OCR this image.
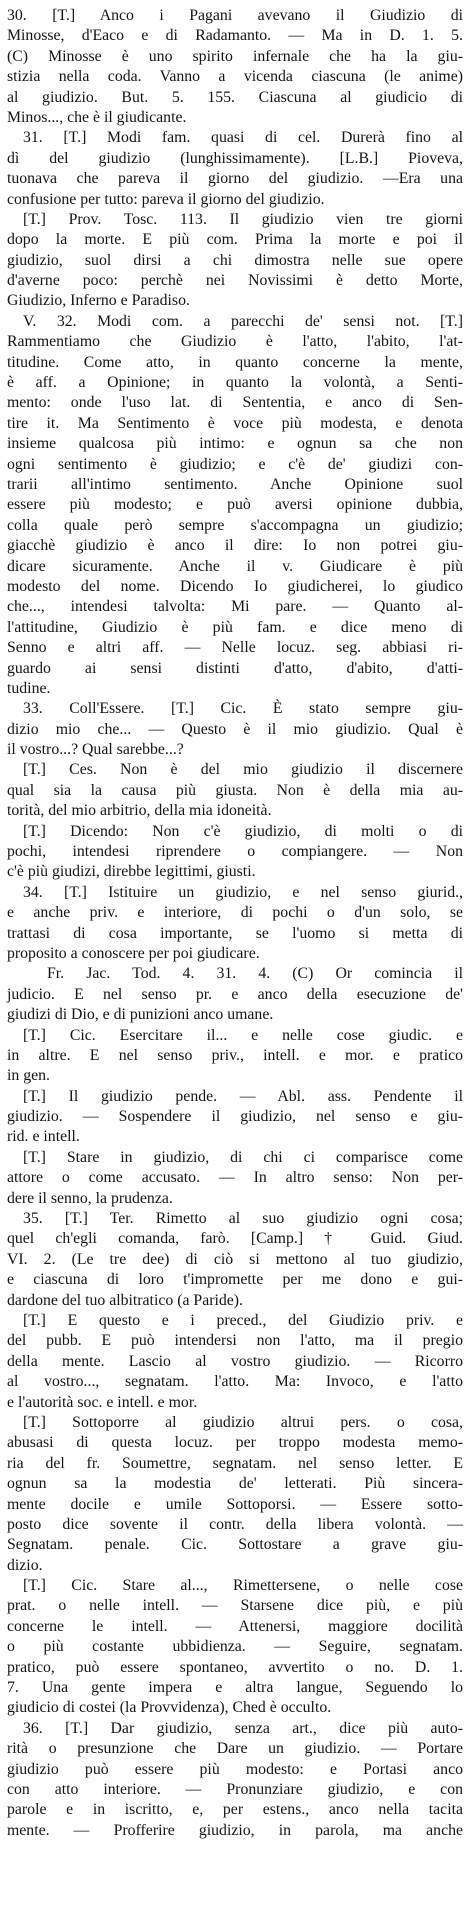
30. [T.] Anco i Pagani avevano il Giudizio di
Minosse, d'Eaco e di Radamanto. — Ma in D. 1. 5.
(C) Minosse è uno spirito infernale che ha la giu-
stizia nella coda. Vanno a vicenda ciascuna (le anime)
al giudizio. But. 5. 155. Ciascuna al giudicio di
Minos..., che è il giudicante.
31. [T.] Modi fam. quasi di cel. Durerà fino al
dì del giudizio (lunghissimamente). [L.B.] Pioveva,
tuonava che pareva il giorno del giudizio. —Era una
confusione per tutto: pareva il giorno del giudizio.
[T.] Prov. Tosc. 113. Il giudizio vien tre giorni
dopo la morte. E più com. Prima la morte e poi il
giudizio, suol dirsi a chi dimostra nelle sue opere
d'averne poco: perchè nei Novissimi è detto Morte,
Giudizio, Inferno e Paradiso.
V. 32. Modi com. a parecchi de' sensi not. [T.]
Rammentiamo che Giudizio è l'atto, l'abito, l'at-
titudine. Come atto, in quanto concerne la mente,
è aff. a Opinione; in quanto la volontà, a Senti-
mento: onde l'uso lat. di Sententia, e anco di Sen-
tire it. Ma Sentimento è voce più modesta, e denota
insieme qualcosa più intimo: e ognun sa che non
ogni sentimento è giudizio; e c'è de' giudizi con-
trarii all'intimo sentimento. Anche Opinione suol
essere più modesto; e può aversi opinione dubbia,
colla quale però sempre s'accompagna un giudizio;
giacchè giudizio è anco il dire: Io non potrei giu-
dicare sicuramente. Anche il v. Giudicare è più
modesto del nome. Dicendo Io giudicherei, lo giudico
che..., intendesi talvolta: Mi pare. — Quanto al-
l'attitudine, Giudizio è più fam. e dice meno di
Senno e altri aff. — Nelle locuz. seg. abbiasi ri-
guardo ai sensi distinti d'atto, d'abito, d'atti-
tudine.
33. Coll'Essere. [T.] Cic. È stato sempre giu-
dizio mio che... — Questo è il mio giudizio. Qual è
il vostro...? Qual sarebbe...?
[T.] Ces. Non è del mio giudizio il discernere
qual sia la causa più giusta. Non è della mia au-
torità, del mio arbitrio, della mia idoneità.
[T.] Dicendo: Non c'è giudizio, di molti o di
pochi, intendesi riprendere o compiangere. — Non
c'è più giudizi, direbbe legittimi, giusti.
34. [T.] Istituire un giudizio, e nel senso giurid.,
e anche priv. e interiore, di pochi o d'un solo, se
trattasi di cosa importante, se l'uomo si metta di
proposito a conoscere per poi giudicare.
Fr. Jac. Tod. 4. 31. 4. (C) Or comincia il
judicio. E nel senso pr. e anco della esecuzione de'
giudizi di Dio, e di punizioni anco umane.
[T.] Cic. Esercitare il... e nelle cose giudic. e
in altre. E nel senso priv., intell. e mor. e pratico
in gen.
[T.] Il giudizio pende. — Abl. ass. Pendente il
giudizio. — Sospendere il giudizio, nel senso e giu-
rid. e intell.
[T.] Stare in giudizio, di chi ci comparisce come
attore o come accusato. — In altro senso: Non per-
dere il senno, la prudenza.
35. [T.] Ter. Rimetto al suo giudizio ogni cosa;
quel ch'egli comanda, farò. [Camp.] † Guid. Giud.
VI. 2. (Le tre dee) di ciò si mettono al tuo giudizio,
e ciascuna di loro t'impromette per me dono e gui-
dardone del tuo albitratico (a Paride).
[T.] E questo e i preced., del Giudizio priv. e
del pubb. E può intendersi non l'atto, ma il pregio
della mente. Lascio al vostro giudizio. — Ricorro
al vostro..., segnatam. l'atto. Ma: Invoco, e l'atto
e l'autorità soc. e intell. e mor.
[T.] Sottoporre al giudizio altrui pers. o cosa,
abusasi di questa locuz. per troppo modesta memo-
ria del fr. Soumettre, segnatam. nel senso letter. E
ognun sa la modestia de' letterati. Più sincera-
mente docile e umile Sottoporsi. — Essere sotto-
posto dice sovente il contr. della libera volontà. —
Segnatam. penale. Cic. Sottostare a grave giu-
dizio.
[T.] Cic. Stare al..., Rimettersene, o nelle cose
prat. o nelle intell. — Starsene dice più, e più
concerne le intell. — Attenersi, maggiore docilità
o più costante ubbidienza. — Seguire, segnatam.
pratico, può essere spontaneo, avvertito o no. D. 1.
7. Una gente impera e altra langue, Seguendo lo
giudicio di costei (la Provvidenza), Ched è occulto.
36. [T.] Dar giudizio, senza art., dice più auto-
rità o presunzione che Dare un giudizio. — Portare
giudizio può essere più modesto: e Portasi anco
con atto interiore. — Pronunziare giudizio, e con
parole e in iscritto, e, per estens., anco nella tacita
mente. — Profferire giudizio, in parola, ma anche
